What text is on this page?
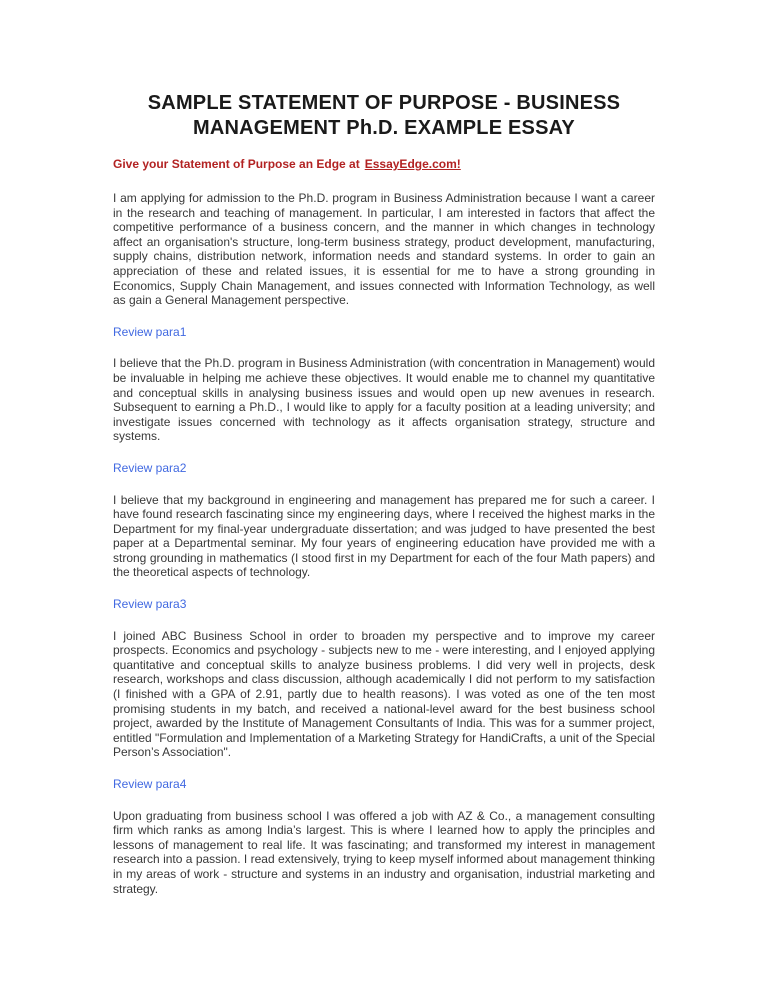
SAMPLE STATEMENT OF PURPOSE - BUSINESS
MANAGEMENT Ph.D. EXAMPLE ESSAY

Give your Statement of Purpose an Edge at EssayEdge.com!

I am applying for admission to the Ph.D. program in Business Administration because I want a career in the research and teaching of management. In particular, I am interested in factors that affect the competitive performance of a business concern, and the manner in which changes in technology affect an organisation's structure, long-term business strategy, product development, manufacturing, supply chains, distribution network, information needs and standard systems. In order to gain an appreciation of these and related issues, it is essential for me to have a strong grounding in Economics, Supply Chain Management, and issues connected with Information Technology, as well as gain a General Management perspective.

Review para1

I believe that the Ph.D. program in Business Administration (with concentration in Management) would be invaluable in helping me achieve these objectives. It would enable me to channel my quantitative and conceptual skills in analysing business issues and would open up new avenues in research. Subsequent to earning a Ph.D., I would like to apply for a faculty position at a leading university; and investigate issues concerned with technology as it affects organisation strategy, structure and systems.

Review para2

I believe that my background in engineering and management has prepared me for such a career. I have found research fascinating since my engineering days, where I received the highest marks in the Department for my final-year undergraduate dissertation; and was judged to have presented the best paper at a Departmental seminar. My four years of engineering education have provided me with a strong grounding in mathematics (I stood first in my Department for each of the four Math papers) and the theoretical aspects of technology.

Review para3

I joined ABC Business School in order to broaden my perspective and to improve my career prospects. Economics and psychology - subjects new to me - were interesting, and I enjoyed applying quantitative and conceptual skills to analyze business problems. I did very well in projects, desk research, workshops and class discussion, although academically I did not perform to my satisfaction (I finished with a GPA of 2.91, partly due to health reasons). I was voted as one of the ten most promising students in my batch, and received a national-level award for the best business school project, awarded by the Institute of Management Consultants of India. This was for a summer project, entitled "Formulation and Implementation of a Marketing Strategy for HandiCrafts, a unit of the Special Person’s Association".

Review para4

Upon graduating from business school I was offered a job with AZ & Co., a management consulting firm which ranks as among India’s largest. This is where I learned how to apply the principles and lessons of management to real life. It was fascinating; and transformed my interest in management research into a passion. I read extensively, trying to keep myself informed about management thinking in my areas of work - structure and systems in an industry and organisation, industrial marketing and strategy.
